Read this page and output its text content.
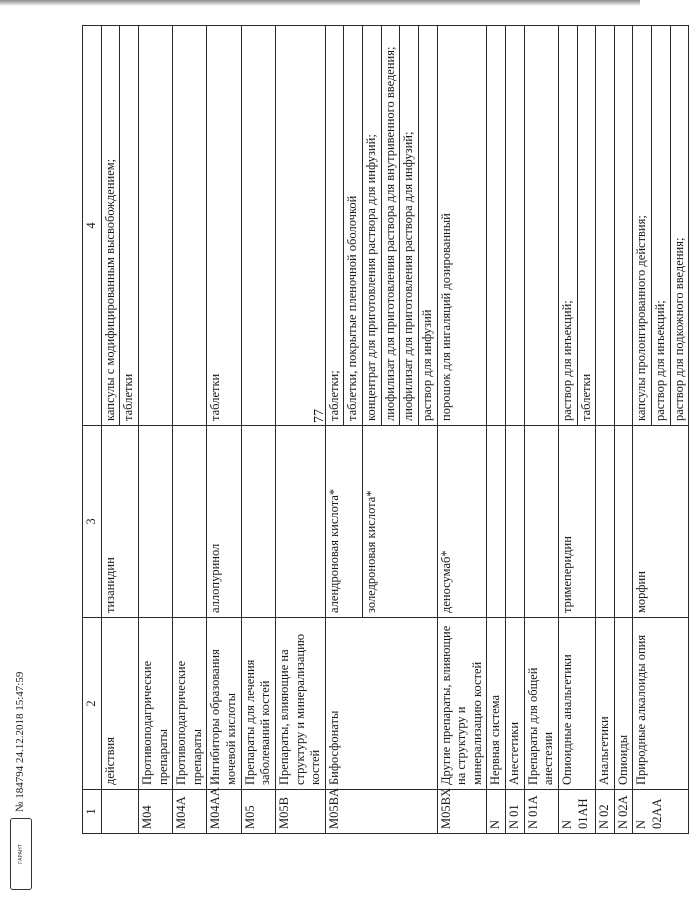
77
1	2	3	4
	действия	тизанидин	капсулы с модифицированным высвобождением;
			таблетки
M04	Противоподагрические препараты		
M04A	Противоподагрические препараты		
M04AA	Ингибиторы образования мочевой кислоты	аллопуринол	таблетки
M05	Препараты для лечения заболеваний костей		
M05B	Препараты, влияющие на структуру и минерализацию костей		
M05BA	Бифосфонаты	алендроновая кислота*	таблетки;
			таблетки, покрытые пленочной оболочкой
		золедроновая кислота*	концентрат для приготовления раствора для инфузий;
			лиофилизат для приготовления раствора для внутривенного введения;
			лиофилизат для приготовления раствора для инфузий;
			раствор для инфузий
M05BX	Другие препараты, влияющие на структуру и минерализацию костей	деносумаб*	порошок для ингаляций дозированный
N	Нервная система		
N 01	Анестетики		
N 01A	Препараты для общей анестезии		
N 01AH	Опиоидные анальгетики	тримеперидин	раствор для инъекций;
			таблетки
N 02	Анальгетики		
N 02A	Опиоиды		
N 02AA	Природные алкалоиды опия	морфин	капсулы пролонгированного действия;
			раствор для инъекций;
			раствор для подкожного введения;
ГАРАНТ
№ 184794 24.12.2018 15:47:59
